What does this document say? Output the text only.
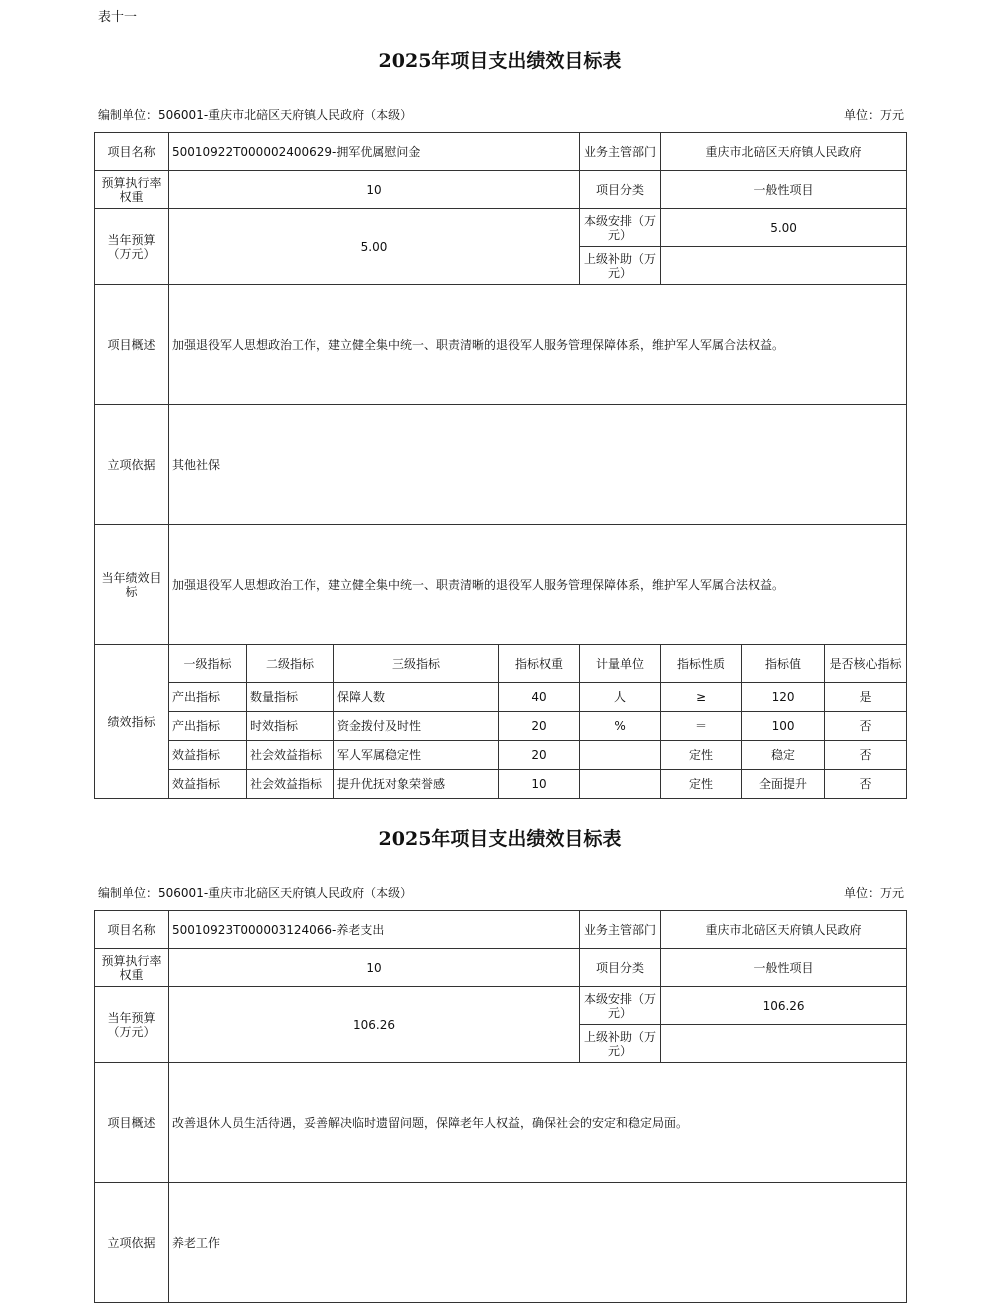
表十一
2025年项目支出绩效目标表
编制单位：506001-重庆市北碚区天府镇人民政府（本级）	单位：万元
项目名称	50010922T000002400629-拥军优属慰问金				业务主管部门	重庆市北碚区天府镇人民政府		
预算执行率权重	10				项目分类	一般性项目		
当年预算（万元）	5.00				本级安排（万元）	5.00		
					上级补助（万元）			
项目概述	加强退役军人思想政治工作，建立健全集中统一、职责清晰的退役军人服务管理保障体系，维护军人军属合法权益。							
立项依据	其他社保							
当年绩效目标	加强退役军人思想政治工作，建立健全集中统一、职责清晰的退役军人服务管理保障体系，维护军人军属合法权益。							
绩效指标	一级指标	二级指标	三级指标	指标权重	计量单位	指标性质	指标值	是否核心指标
	产出指标	数量指标	保障人数	40	人	≥	120	是
	产出指标	时效指标	资金拨付及时性	20	%	＝	100	否
	效益指标	社会效益指标	军人军属稳定性	20		定性	稳定	否
	效益指标	社会效益指标	提升优抚对象荣誉感	10		定性	全面提升	否
2025年项目支出绩效目标表
编制单位：506001-重庆市北碚区天府镇人民政府（本级）	单位：万元
项目名称	50010923T000003124066-养老支出	业务主管部门	重庆市北碚区天府镇人民政府
预算执行率权重	10	项目分类	一般性项目
当年预算（万元）	106.26	本级安排（万元）	106.26
		上级补助（万元）	
项目概述	改善退休人员生活待遇，妥善解决临时遗留问题，保障老年人权益，确保社会的安定和稳定局面。		
立项依据	养老工作		
